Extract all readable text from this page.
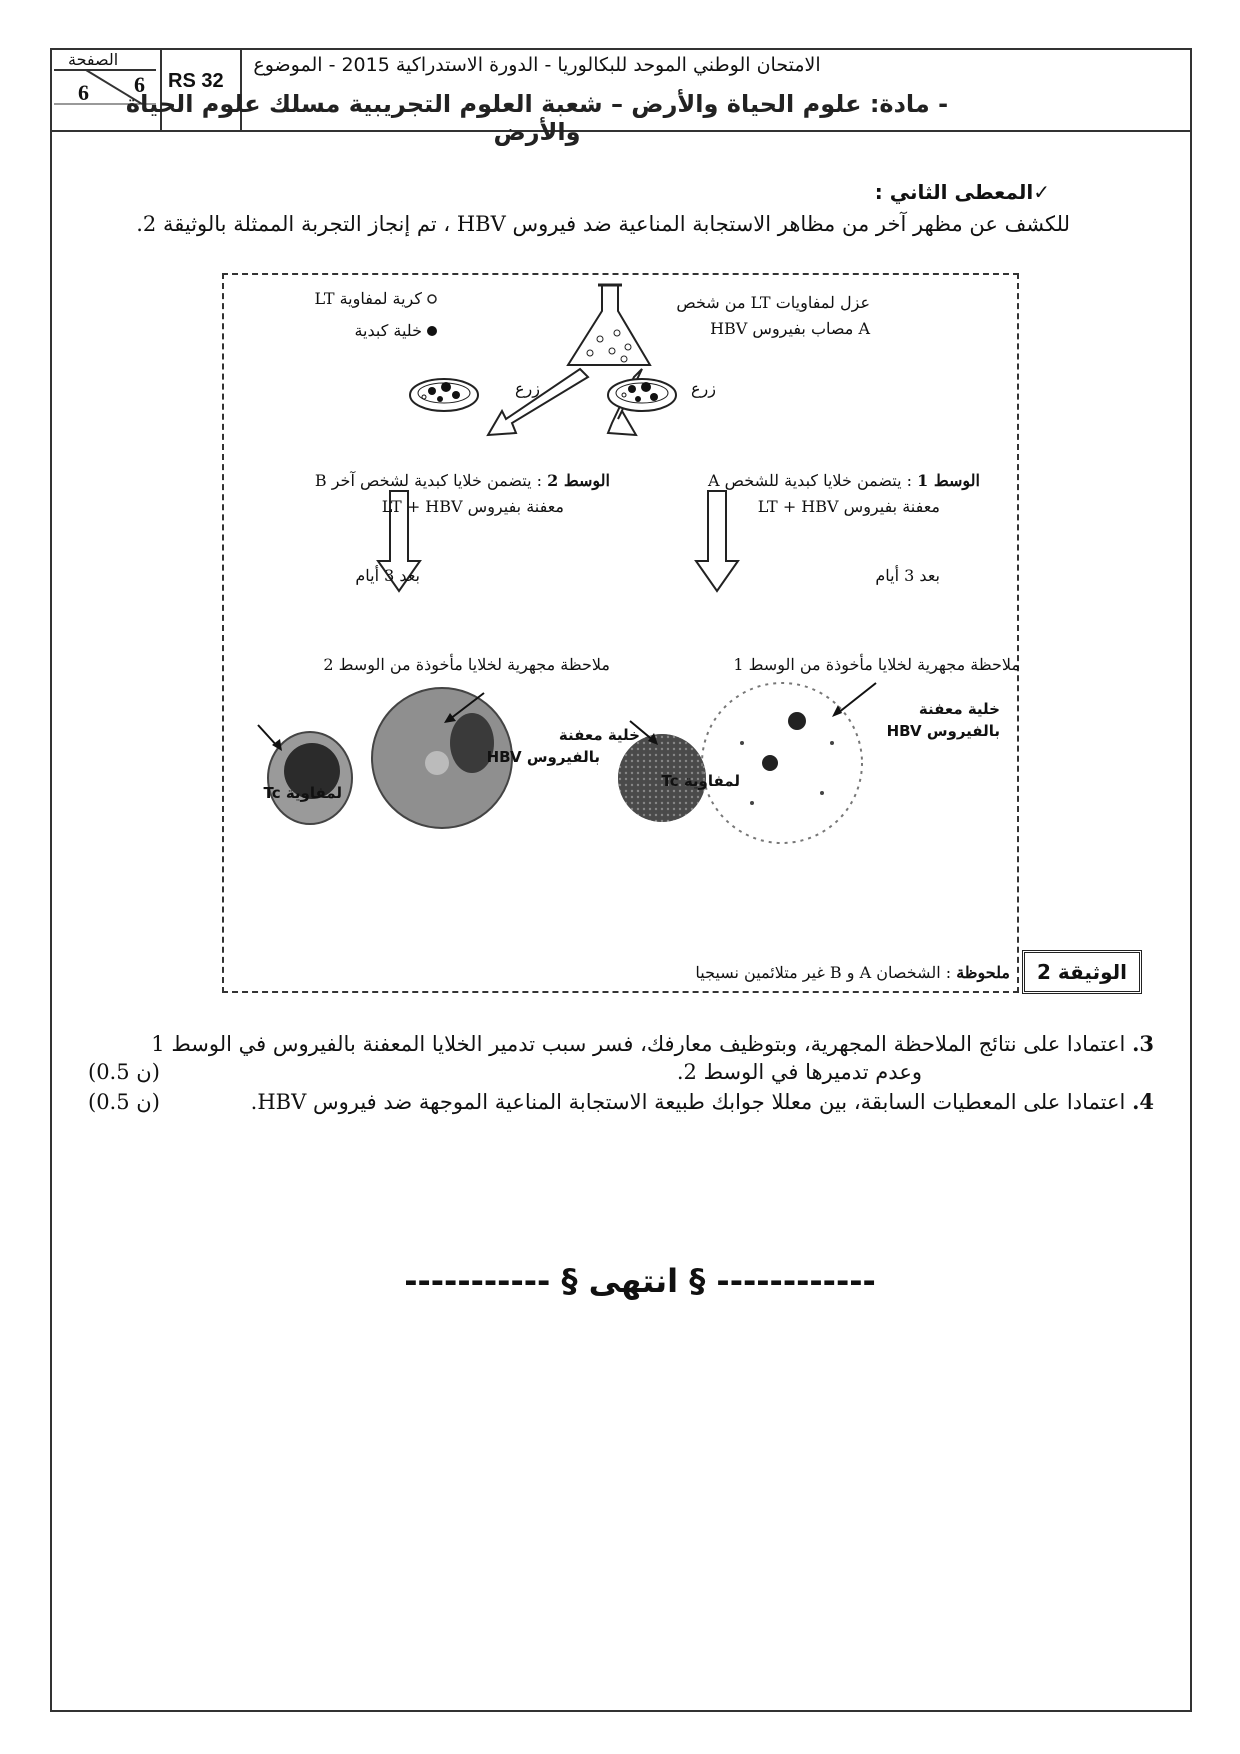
الصفحة
6 6 RS 32
الامتحان الوطني الموحد للبكالوريا - الدورة الاستدراكية 2015 - الموضوع
- مادة: علوم الحياة والأرض – شعبة العلوم التجريبية مسلك علوم الحياة والأرض
✓المعطى الثاني :
للكشف عن مظهر آخر من مظاهر الاستجابة المناعية ضد فيروس HBV ، تم إنجاز التجربة الممثلة بالوثيقة 2.
عزل لمفاويات LT من شخص
A مصاب بفيروس HBV
كرية لمفاوية LT
خلية كبدية
زرع	زرع
الوسط 1 : يتضمن خلايا كبدية للشخص A
معفنة بفيروس LT + HBV
الوسط 2 : يتضمن خلايا كبدية لشخص آخر B
معفنة بفيروس LT + HBV
بعد 3 أيام
بعد 3 أيام
ملاحظة مجهرية لخلايا مأخوذة من الوسط 1
ملاحظة مجهرية لخلايا مأخوذة من الوسط 2
خلية معفنة
بالفيروس HBV
خلية معفنة
بالفيروس HBV
لمفاوية Tc
لمفاوية Tc
ملحوظة : الشخصان A و B غير متلائمين نسيجيا	الوثيقة 2
3. اعتمادا على نتائج الملاحظة المجهرية، وبتوظيف معارفك، فسر سبب تدمير الخلايا المعفنة بالفيروس في الوسط 1
وعدم تدميرها في الوسط 2.
(0.5 ن)
4. اعتمادا على المعطيات السابقة، بين معللا جوابك طبيعة الاستجابة المناعية الموجهة ضد فيروس HBV.
(0.5 ن)
------------ § انتهى § -----------
